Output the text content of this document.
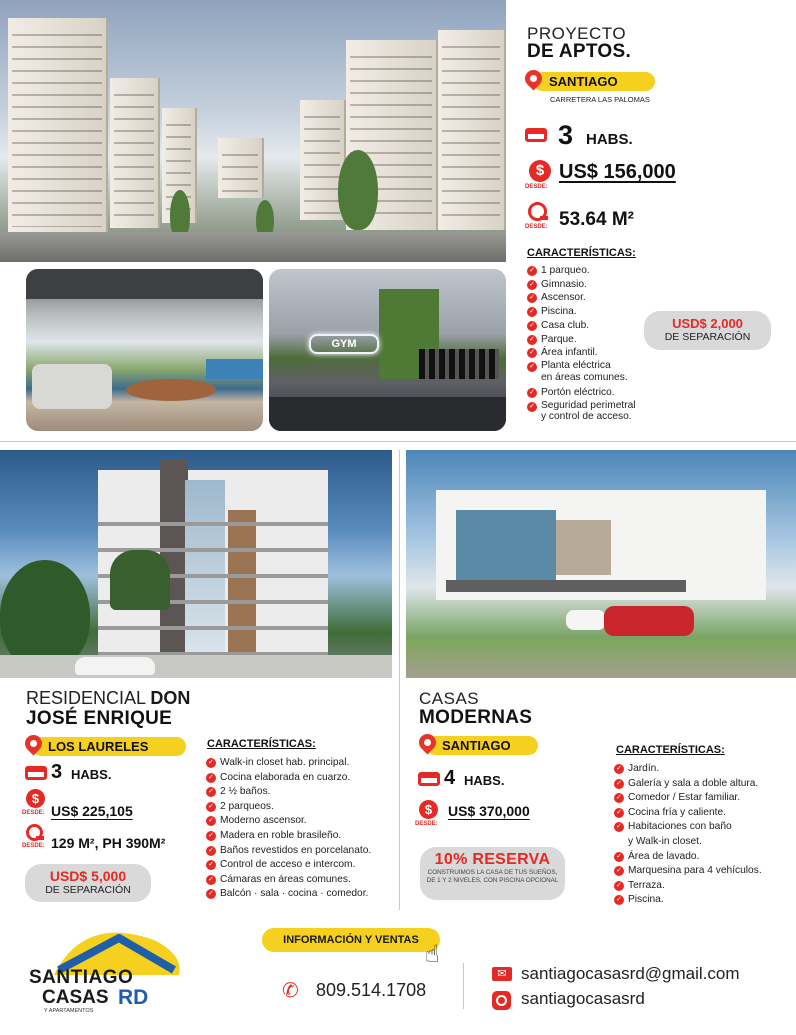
GYM
PROYECTO
DE APTOS.
SANTIAGO
CARRETERA LAS PALOMAS
3 HABS.
$
DESDE:
US$ 156,000
DESDE: 53.64 M²
CARACTERÍSTICAS:
✓ 1 parqueo.
✓ Gimnasio.
✓ Ascensor.
✓ Piscina.
✓ Casa club.
✓ Parque.
✓ Área infantil.
✓ Planta eléctrica
en áreas comunes.
✓ Portón eléctrico.
✓ Seguridad perimetral
y control de acceso.
USD$ 2,000
DE SEPARACIÓN
RESIDENCIAL DON
JOSÉ ENRIQUE
LOS LAURELES
3 HABS.
$
DESDE: US$ 225,105
DESDE: 129 M², PH 390M²
USD$ 5,000
DE SEPARACIÓN
CARACTERÍSTICAS:
✓ Walk-in closet hab. principal.
✓ Cocina elaborada en cuarzo.
✓ 2 ½ baños.
✓ 2 parqueos.
✓ Moderno ascensor.
✓ Madera en roble brasileño.
✓ Baños revestidos en porcelanato.
✓ Control de acceso e intercom.
✓ Cámaras en áreas comunes.
✓ Balcón · sala · cocina · comedor.
CASAS
MODERNAS
SANTIAGO
4 HABS.
$
DESDE:
US$ 370,000
10% RESERVA
CONSTRUIMOS LA CASA DE TUS SUEÑOS, DE 1 Y 2 NIVELES, CON PISCINA OPCIONAL
CARACTERÍSTICAS:
✓ Jardín.
✓ Galería y sala a doble altura.
✓ Comedor / Estar familiar.
✓ Cocina fría y caliente.
✓ Habitaciones con baño
y Walk-in closet.
✓ Área de lavado.
✓ Marquesina para 4 vehículos.
✓ Terraza.
✓ Piscina.
SANTIAGO
CASAS RD
Y APARTAMENTOS
INFORMACIÓN Y VENTAS
☝
✆ 809.514.1708
✉ santiagocasasrd@gmail.com
santiagocasasrd
